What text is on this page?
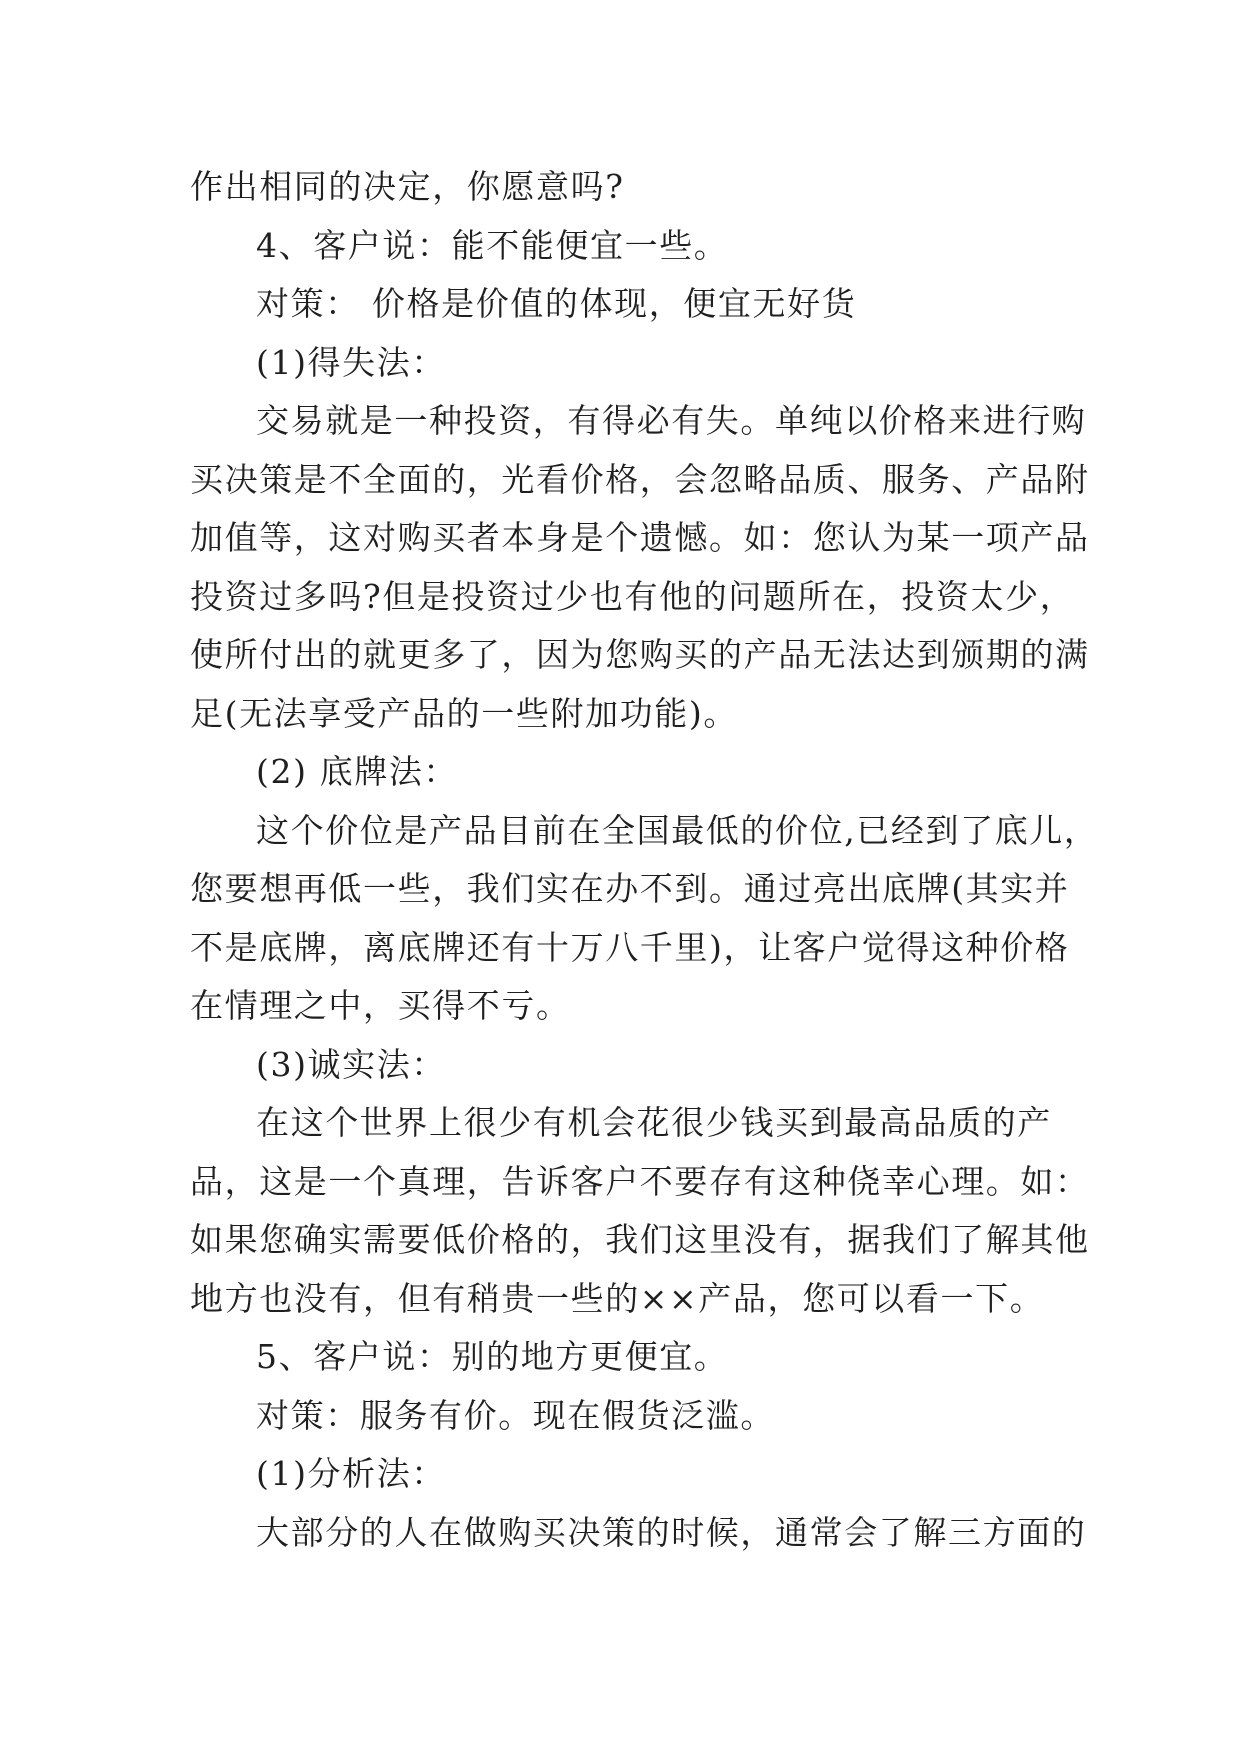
作出相同的决定，你愿意吗?
4、客户说：能不能便宜一些。
对策： 价格是价值的体现，便宜无好货
(1)得失法：
交易就是一种投资，有得必有失。单纯以价格来进行购
买决策是不全面的，光看价格，会忽略品质、服务、产品附
加值等，这对购买者本身是个遗憾。如：您认为某一项产品
投资过多吗?但是投资过少也有他的问题所在，投资太少，
使所付出的就更多了，因为您购买的产品无法达到颁期的满
足(无法享受产品的一些附加功能)。
(2) 底牌法：
这个价位是产品目前在全国最低的价位,已经到了底儿，
您要想再低一些，我们实在办不到。通过亮出底牌(其实并
不是底牌，离底牌还有十万八千里)，让客户觉得这种价格
在情理之中，买得不亏。
(3)诚实法：
在这个世界上很少有机会花很少钱买到最高品质的产
品，这是一个真理，告诉客户不要存有这种侥幸心理。如：
如果您确实需要低价格的，我们这里没有，据我们了解其他
地方也没有，但有稍贵一些的××产品，您可以看一下。
5、客户说：别的地方更便宜。
对策：服务有价。现在假货泛滥。
(1)分析法：
大部分的人在做购买决策的时候，通常会了解三方面的
